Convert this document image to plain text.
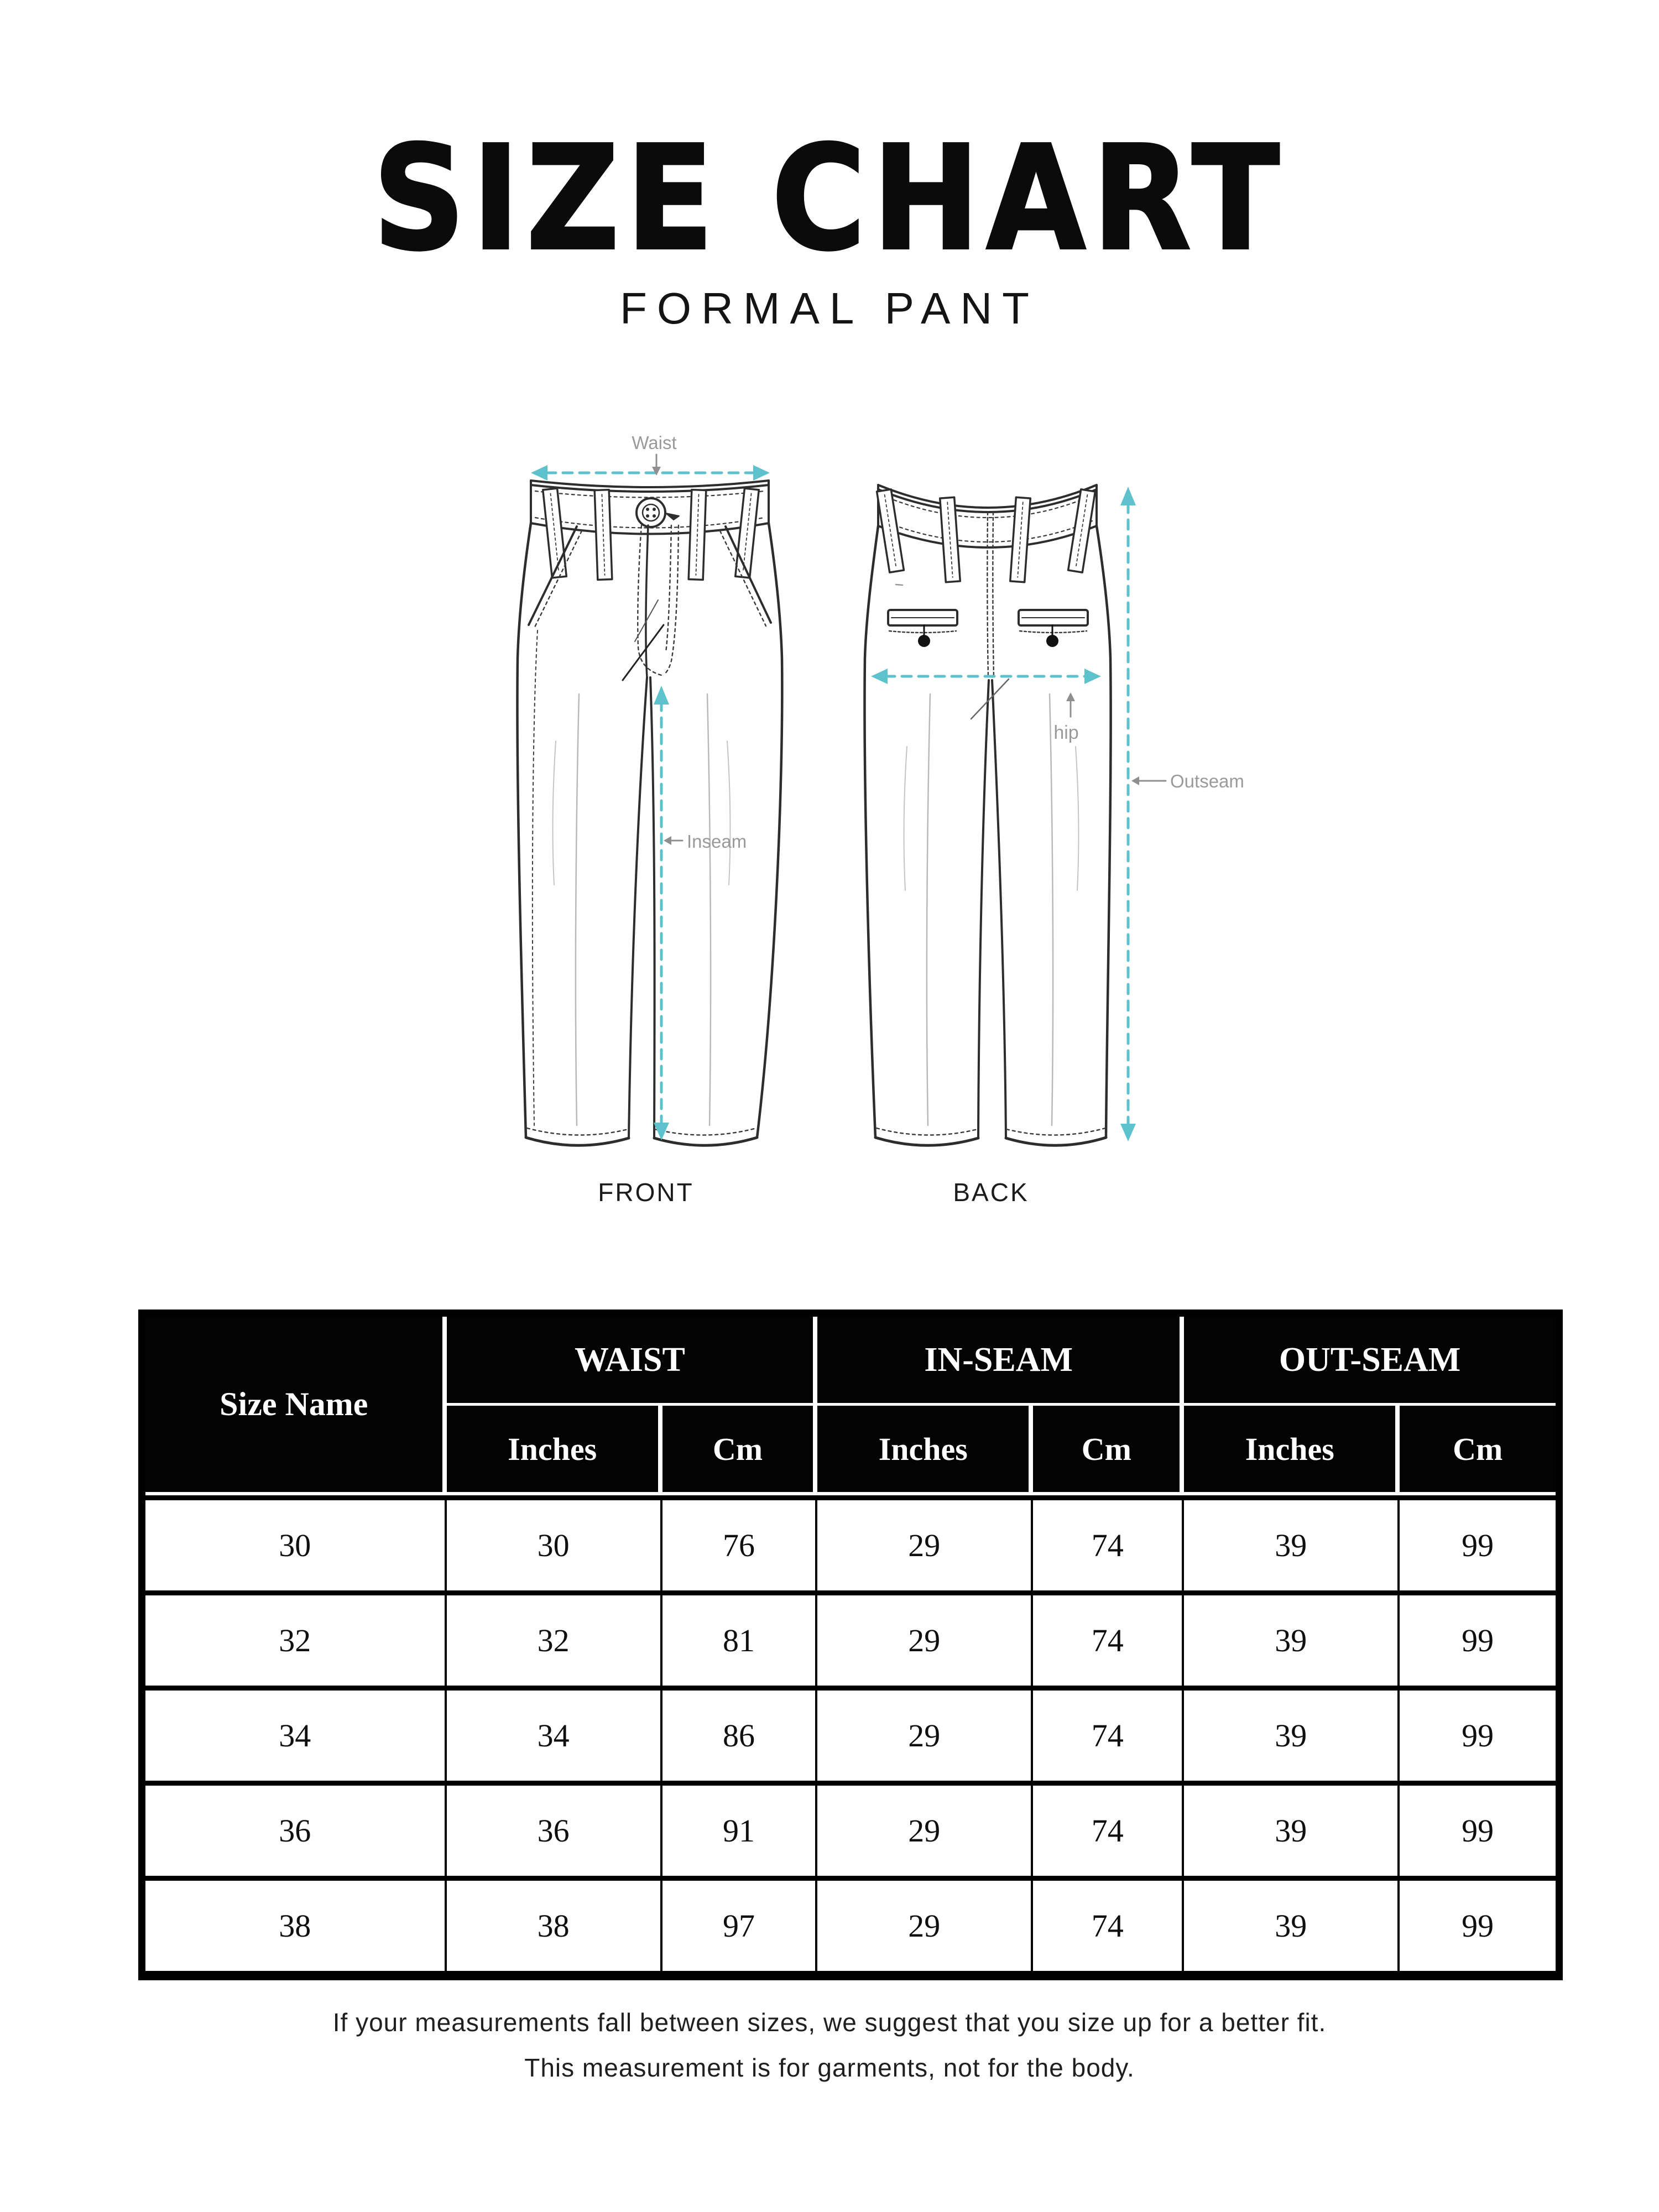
SIZE CHART
FORMAL PANT
Waist
Inseam
hip
Outseam
FRONT	BACK
Size Name	WAIST		IN-SEAM		OUT-SEAM	
	Inches	Cm	Inches	Cm	Inches	Cm
30	30	76	29	74	39	99
32	32	81	29	74	39	99
34	34	86	29	74	39	99
36	36	91	29	74	39	99
38	38	97	29	74	39	99
If your measurements fall between sizes, we suggest that you size up for a better fit.
This measurement is for garments, not for the body.
